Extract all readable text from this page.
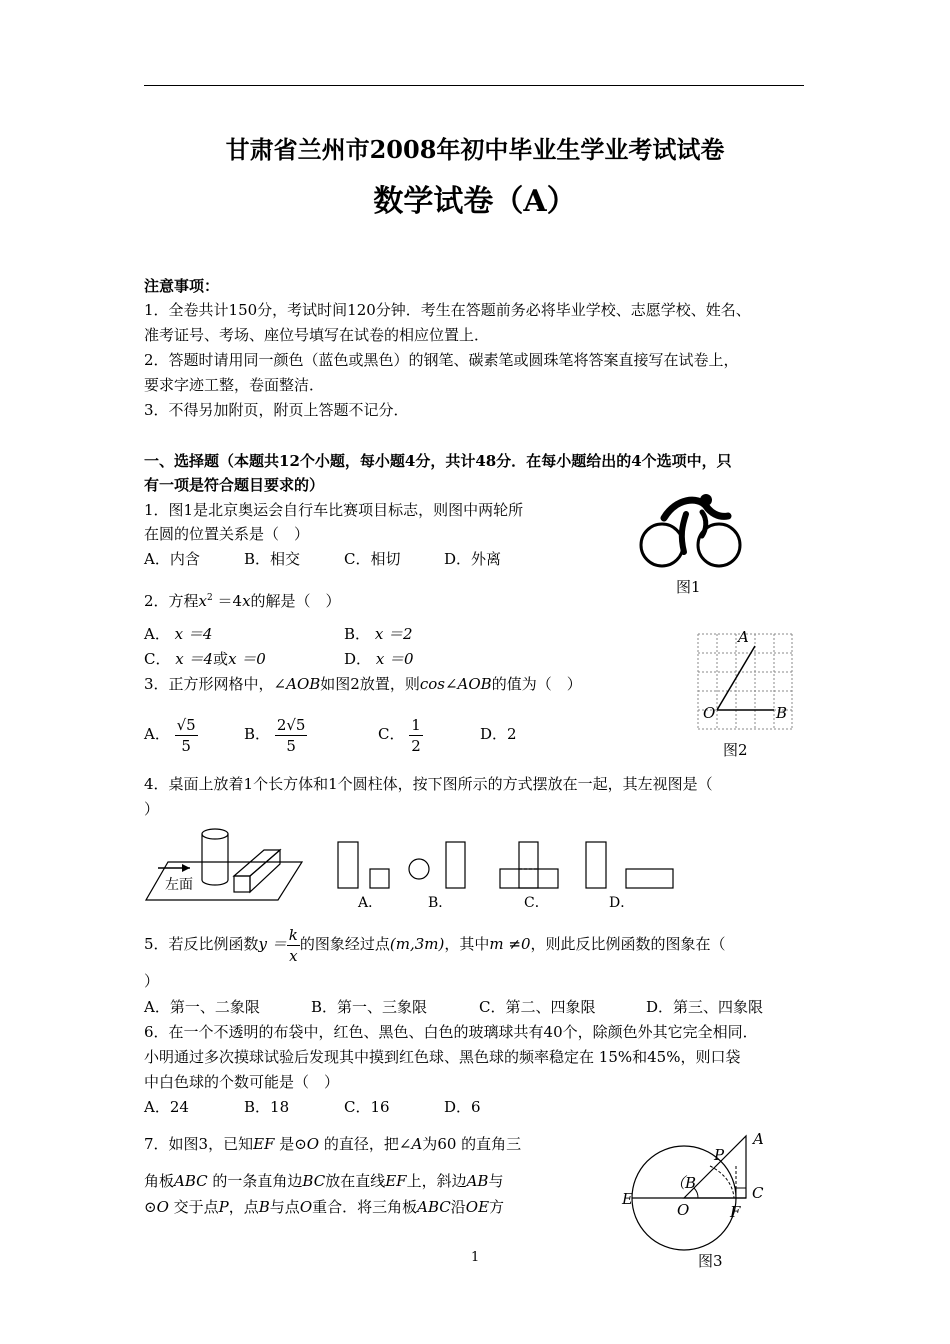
甘肃省兰州市2008年初中毕业生学业考试试卷
数学试卷（A）
注意事项：
1．全卷共计150分，考试时间120分钟．考生在答题前务必将毕业学校、志愿学校、姓名、
准考证号、考场、座位号填写在试卷的相应位置上．
2．答题时请用同一颜色（蓝色或黑色）的钢笔、碳素笔或圆珠笔将答案直接写在试卷上，
要求字迹工整，卷面整洁．
3．不得另加附页，附页上答题不记分．
一、选择题（本题共12个小题，每小题4分，共计48分．在每小题给出的4个选项中，只
有一项是符合题目要求的）
1．图1是北京奥运会自行车比赛项目标志，则图中两轮所
在圆的位置关系是（　）
A．内含	B．相交	C．相切	D．外离
图1
2．方程$x^2 =4x$的解是（　）
A． x ＝4	B． x ＝2
C． x ＝4或x ＝0	D． x ＝0
3．正方形网格中，∠AOB如图2放置，则cos∠AOB的值为（　）
A． $\frac{√5}{5}$	B． $\frac{2√5}{5}$	C． $\frac{1}{2}$	D．2
A
O	B
图2
4．桌面上放着1个长方体和1个圆柱体，按下图所示的方式摆放在一起，其左视图是（
）
左面
A．	B．	C．	D．
5．若反比例函数$y = \frac{k}{x}$ 的图象经过点(m,3m)，其中m ≠0，则此反比例函数的图象在（
）
A．第一、二象限	B．第一、三象限	C．第二、四象限	D．第三、四象限
6．在一个不透明的布袋中，红色、黑色、白色的玻璃球共有40个，除颜色外其它完全相同．
小明通过多次摸球试验后发现其中摸到红色球、黑色球的频率稳定在 15%和45%，则口袋
中白色球的个数可能是（　）
A．24	B．18	C．16	D．6
7．如图3，已知EF 是⊙O 的直径，把∠A为60 的直角三
角板ABC 的一条直角边BC放在直线EF上，斜边AB与
⊙O 交于点P，点B与点O重合．将三角板ABC沿OE方
A
P
（B
C
E
O	F
图3
1
